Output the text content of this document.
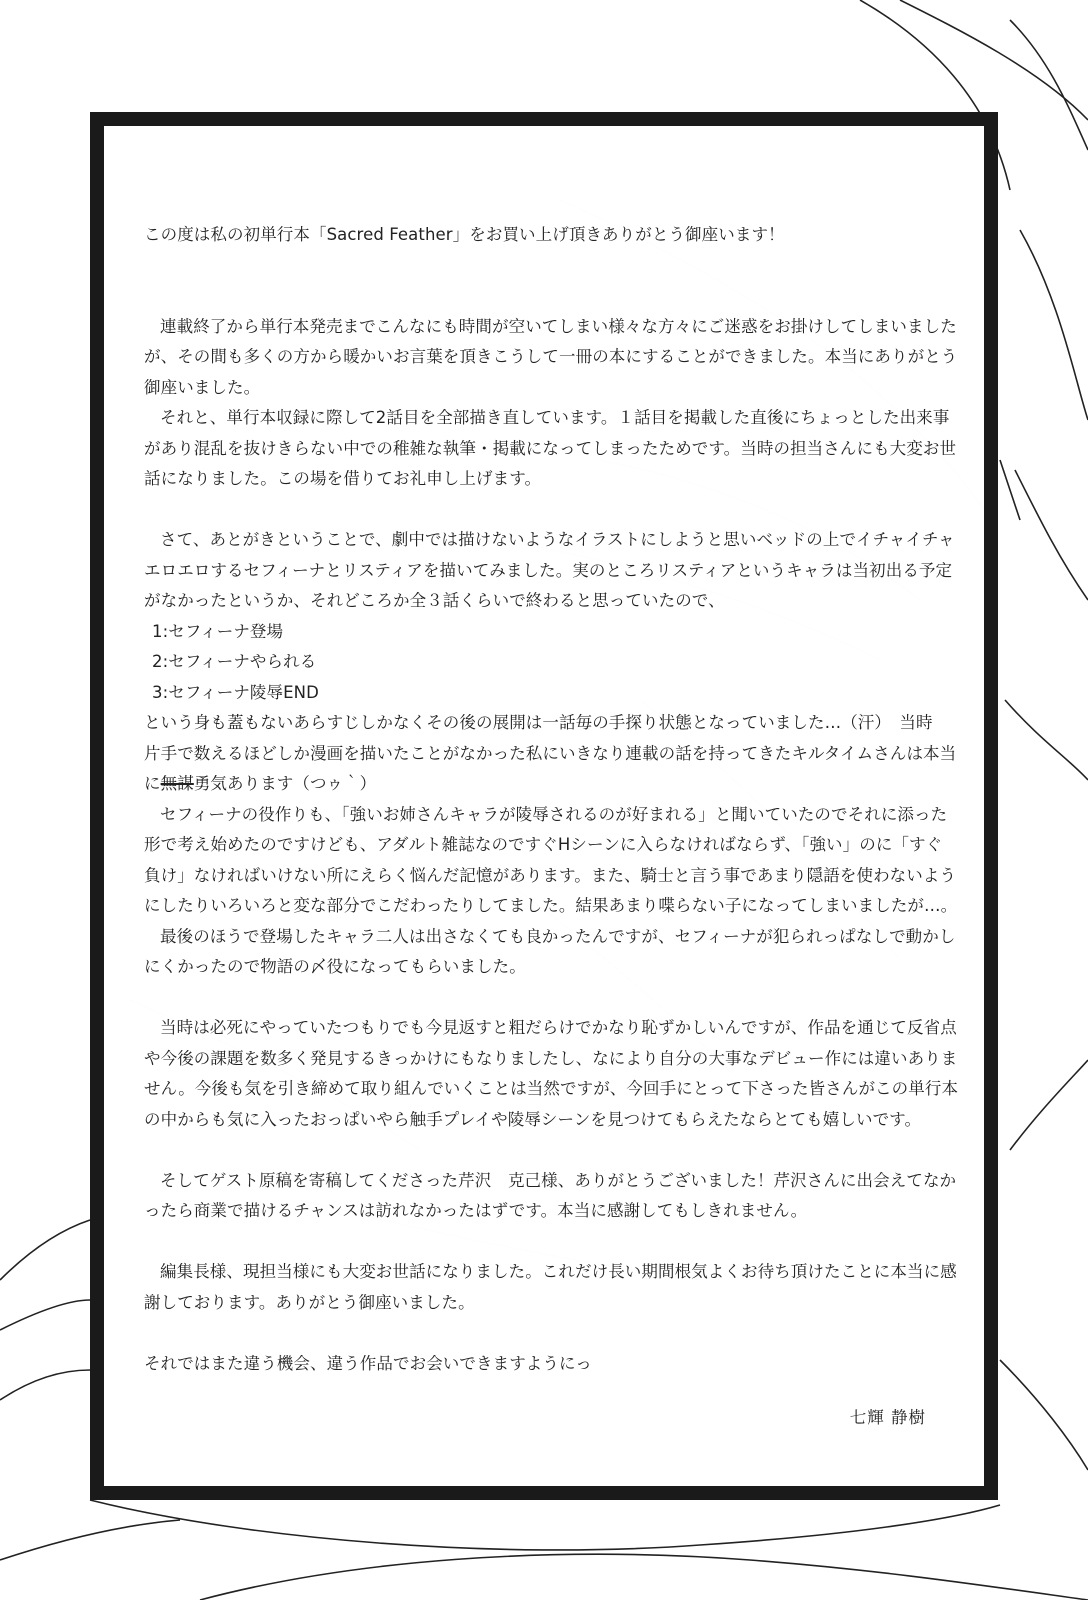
この度は私の初単行本「Sacred Feather」をお買い上げ頂きありがとう御座います！
連載終了から単行本発売までこんなにも時間が空いてしまい様々な方々にご迷惑をお掛けしてしまいました
が、その間も多くの方から暖かいお言葉を頂きこうして一冊の本にすることができました。本当にありがとう
御座いました。
それと、単行本収録に際して2話目を全部描き直しています。１話目を掲載した直後にちょっとした出来事
があり混乱を抜けきらない中での稚雑な執筆・掲載になってしまったためです。当時の担当さんにも大変お世
話になりました。この場を借りてお礼申し上げます。
さて、あとがきということで、劇中では描けないようなイラストにしようと思いベッドの上でイチャイチャ
エロエロするセフィーナとリスティアを描いてみました。実のところリスティアというキャラは当初出る予定
がなかったというか、それどころか全３話くらいで終わると思っていたので、
1:セフィーナ登場
2:セフィーナやられる
3:セフィーナ陵辱END
という身も蓋もないあらすじしかなくその後の展開は一話毎の手探り状態となっていました…（汗）　当時
片手で数えるほどしか漫画を描いたことがなかった私にいきなり連載の話を持ってきたキルタイムさんは本当
に無謀勇気あります（つゥ｀）
セフィーナの役作りも、「強いお姉さんキャラが陵辱されるのが好まれる」と聞いていたのでそれに添った
形で考え始めたのですけども、アダルト雑誌なのですぐHシーンに入らなければならず、「強い」のに「すぐ
負け」なければいけない所にえらく悩んだ記憶があります。また、騎士と言う事であまり隠語を使わないよう
にしたりいろいろと変な部分でこだわったりしてました。結果あまり喋らない子になってしまいましたが…。
最後のほうで登場したキャラ二人は出さなくても良かったんですが、セフィーナが犯られっぱなしで動かし
にくかったので物語の〆役になってもらいました。
当時は必死にやっていたつもりでも今見返すと粗だらけでかなり恥ずかしいんですが、作品を通じて反省点
や今後の課題を数多く発見するきっかけにもなりましたし、なにより自分の大事なデビュー作には違いありま
せん。今後も気を引き締めて取り組んでいくことは当然ですが、今回手にとって下さった皆さんがこの単行本
の中からも気に入ったおっぱいやら触手プレイや陵辱シーンを見つけてもらえたならとても嬉しいです。
そしてゲスト原稿を寄稿してくださった芹沢　克己様、ありがとうございました！芹沢さんに出会えてなか
ったら商業で描けるチャンスは訪れなかったはずです。本当に感謝してもしきれません。
編集長様、現担当様にも大変お世話になりました。これだけ長い期間根気よくお待ち頂けたことに本当に感
謝しております。ありがとう御座いました。
それではまた違う機会、違う作品でお会いできますようにっ
七輝 静樹
